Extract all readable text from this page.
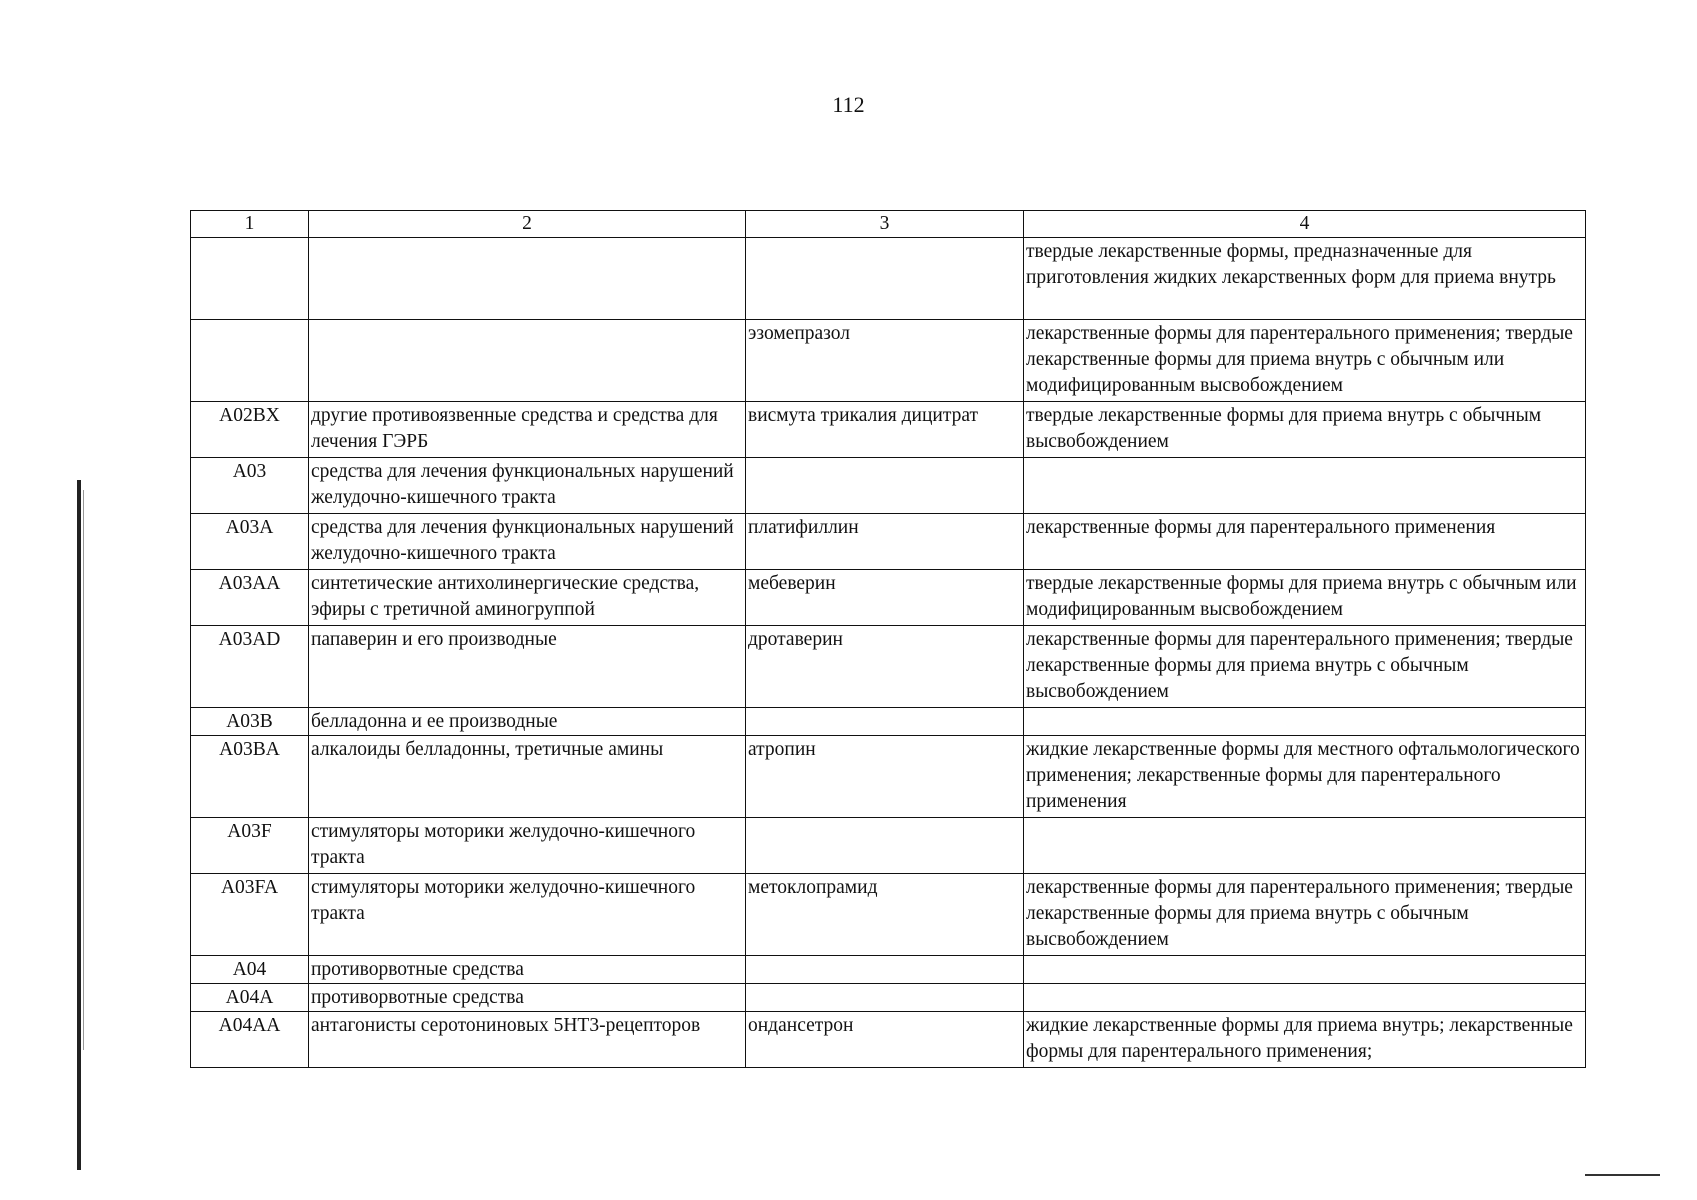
112
1	2	3	4
			твердые лекарственные формы, предназначенные для приготовления жидких лекарственных форм для приема внутрь
		эзомепразол	лекарственные формы для парентерального применения; твердые лекарственные формы для приема внутрь с обычным или модифицированным высвобождением
A02BX	другие противоязвенные средства и средства для лечения ГЭРБ	висмута трикалия дицитрат	твердые лекарственные формы для приема внутрь с обычным высвобождением
A03	средства для лечения функциональных нарушений желудочно-кишечного тракта		
A03A	средства для лечения функциональных нарушений желудочно-кишечного тракта	платифиллин	лекарственные формы для парентерального применения
A03AA	синтетические антихолинергические средства, эфиры с третичной аминогруппой	мебеверин	твердые лекарственные формы для приема внутрь с обычным или модифицированным высвобождением
A03AD	папаверин и его производные	дротаверин	лекарственные формы для парентерального применения; твердые лекарственные формы для приема внутрь с обычным высвобождением
A03B	белладонна и ее производные		
A03BA	алкалоиды белладонны, третичные амины	атропин	жидкие лекарственные формы для местного офтальмологического применения; лекарственные формы для парентерального применения
A03F	стимуляторы моторики желудочно-кишечного тракта		
A03FA	стимуляторы моторики желудочно-кишечного тракта	метоклопрамид	лекарственные формы для парентерального применения; твердые лекарственные формы для приема внутрь с обычным высвобождением
A04	противорвотные средства		
A04A	противорвотные средства		
A04AA	антагонисты серотониновых 5HT3-рецепторов	ондансетрон	жидкие лекарственные формы для приема внутрь; лекарственные формы для парентерального применения;
